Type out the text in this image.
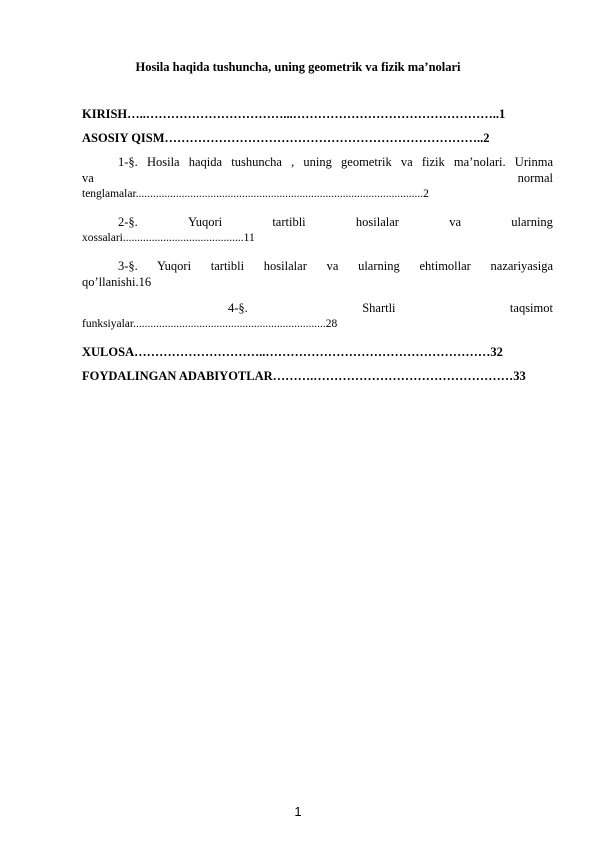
Hosila haqida tushuncha, uning geometrik va fizik ma’nolari
KIRISH…..……………………………...…………………………………………..1
ASOSIY QISM…………………………………………………………………..2
1-§. Hosila haqida tushuncha , uning geometrik va fizik ma’nolari. Urinma
va	normal
tenglamalar....................................................................................................2
2-§.	Yuqori	tartibli	hosilalar	va	ularning
xossalari..........................................11
3-§. Yuqori tartibli hosilalar va ularning ehtimollar nazariyasiga
qo’llanishi.16
4-§.	Shartli	taqsimot
funksiyalar...................................................................28
XULOSA…………………………..………………………………………………32
FOYDALINGAN ADABIYOTLAR……….…………………………………………33
1
